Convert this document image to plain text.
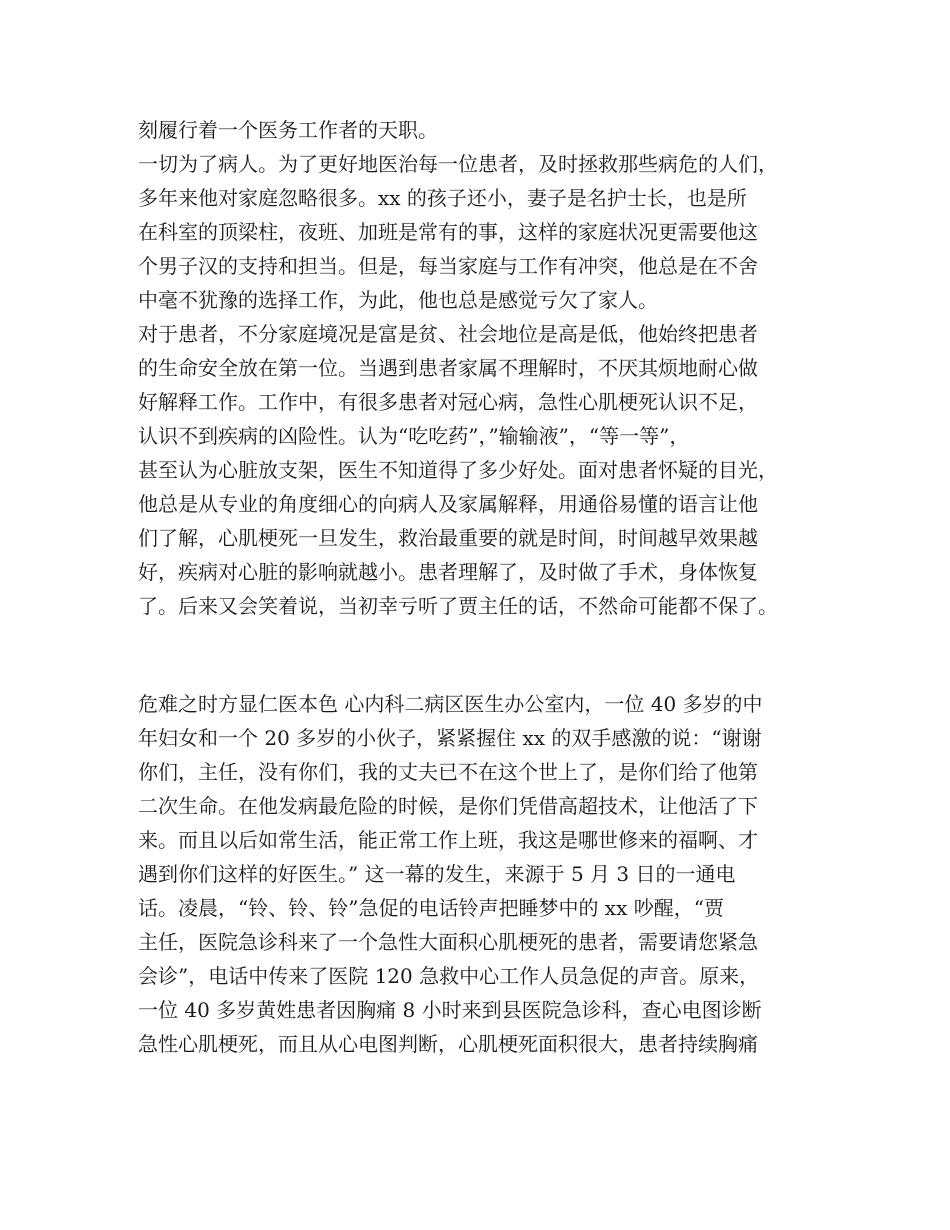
刻履行着一个医务工作者的天职。
一切为了病人。为了更好地医治每一位患者，及时拯救那些病危的人们，
多年来他对家庭忽略很多。xx 的孩子还小，妻子是名护士长，也是所
在科室的顶梁柱，夜班、加班是常有的事，这样的家庭状况更需要他这
个男子汉的支持和担当。但是，每当家庭与工作有冲突，他总是在不舍
中毫不犹豫的选择工作，为此，他也总是感觉亏欠了家人。
对于患者，不分家庭境况是富是贫、社会地位是高是低，他始终把患者
的生命安全放在第一位。当遇到患者家属不理解时，不厌其烦地耐心做
好解释工作。工作中，有很多患者对冠心病，急性心肌梗死认识不足，
认识不到疾病的凶险性。认为“吃吃药”，”输输液”，“等一等”，
甚至认为心脏放支架，医生不知道得了多少好处。面对患者怀疑的目光，
他总是从专业的角度细心的向病人及家属解释，用通俗易懂的语言让他
们了解，心肌梗死一旦发生，救治最重要的就是时间，时间越早效果越
好，疾病对心脏的影响就越小。患者理解了，及时做了手术，身体恢复
了。后来又会笑着说，当初幸亏听了贾主任的话，不然命可能都不保了。
危难之时方显仁医本色 心内科二病区医生办公室内，一位 40 多岁的中
年妇女和一个 20 多岁的小伙子，紧紧握住 xx 的双手感激的说：“谢谢
你们，主任，没有你们，我的丈夫已不在这个世上了，是你们给了他第
二次生命。在他发病最危险的时候，是你们凭借高超技术，让他活了下
来。而且以后如常生活，能正常工作上班，我这是哪世修来的福啊、才
遇到你们这样的好医生。” 这一幕的发生，来源于 5 月 3 日的一通电
话。凌晨，“铃、铃、铃”急促的电话铃声把睡梦中的 xx 吵醒，“贾
主任，医院急诊科来了一个急性大面积心肌梗死的患者，需要请您紧急
会诊”，电话中传来了医院 120 急救中心工作人员急促的声音。原来，
一位 40 多岁黄姓患者因胸痛 8 小时来到县医院急诊科，查心电图诊断
急性心肌梗死，而且从心电图判断，心肌梗死面积很大，患者持续胸痛
